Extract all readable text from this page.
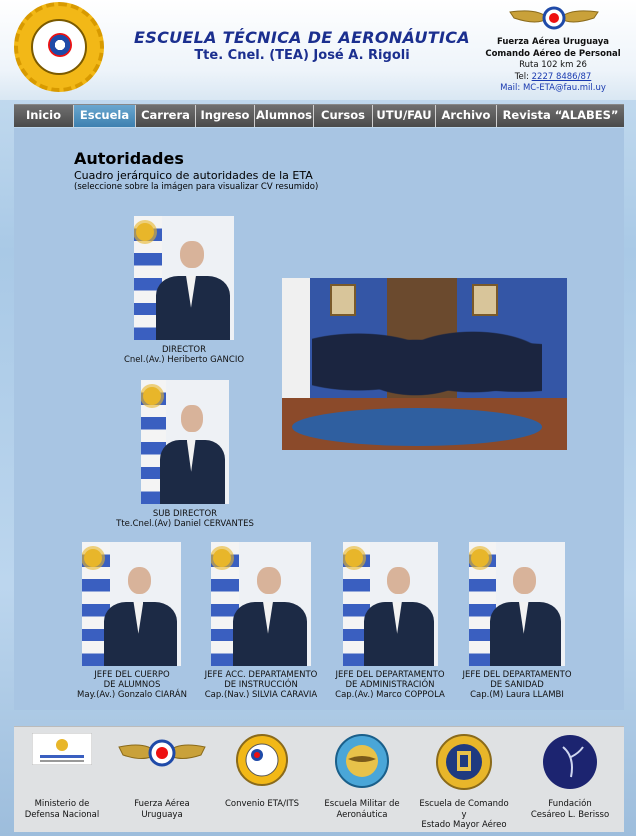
ESCUELA TÉCNICA DE AERONÁUTICA
Tte. Cnel. (TEA) José A. Rigoli
Fuerza Aérea Uruguaya
Comando Aéreo de Personal
Ruta 102 km 26
Tel: 2227 8486/87
Mail: MC-ETA@fau.mil.uy
Inicio	Escuela	Carrera Ingreso Alumnos Cursos UTU/FAU Archivo	Revista “ALABES”
Autoridades
Cuadro jerárquico de autoridades de la ETA
(seleccione sobre la imágen para visualizar CV resumido)
DIRECTOR
Cnel.(Av.) Heriberto GANCIO
SUB DIRECTOR
Tte.Cnel.(Av) Daniel CERVANTES
JEFE DEL CUERPO
DE ALUMNOS
May.(Av.) Gonzalo CIARÁN
JEFE ACC. DEPARTAMENTO
DE INSTRUCCIÓN
Cap.(Nav.) SILVIA CARAVIA
JEFE DEL DEPARTAMENTO
DE ADMINISTRACIÓN
Cap.(Av.) Marco COPPOLA
JEFE DEL DEPARTAMENTO
DE SANIDAD
Cap.(M) Laura LLAMBI
Ministerio de
Defensa Nacional
Fuerza Aérea
Uruguaya
Convenio ETA/ITS	Escuela Militar de
Aeronáutica
Escuela de Comando y
Estado Mayor Aéreo
Fundación
Cesáreo L. Berisso
